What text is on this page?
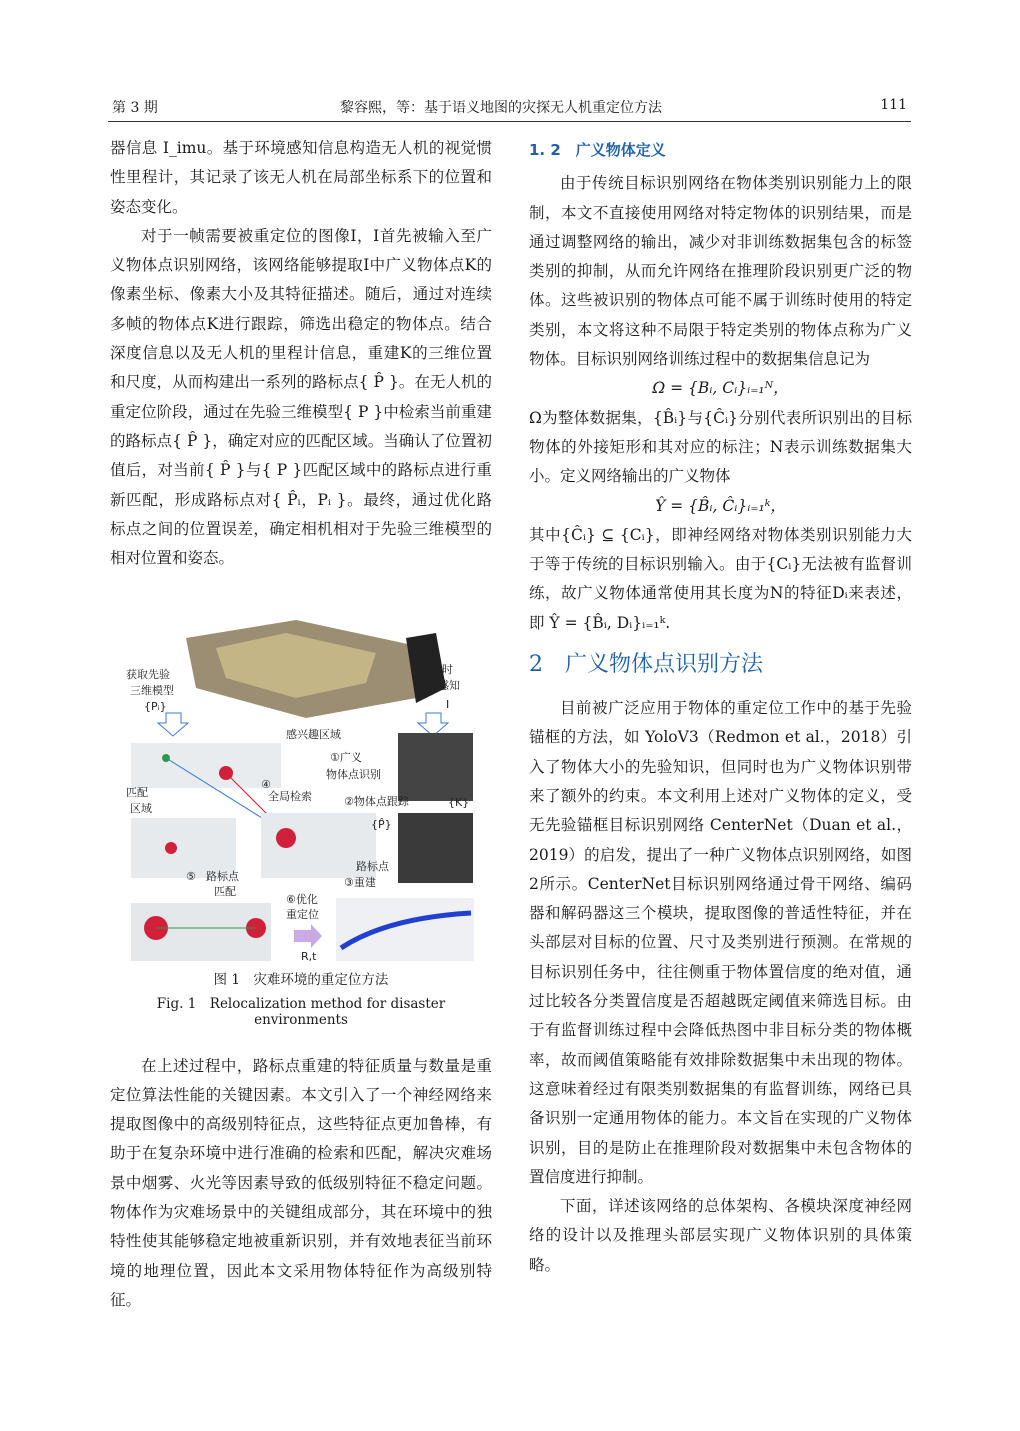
第 3 期	黎容熙，等：基于语义地图的灾探无人机重定位方法	111

器信息 I_imu。基于环境感知信息构造无人机的视觉惯性里程计，其记录了该无人机在局部坐标系下的位置和姿态变化。

对于一帧需要被重定位的图像I，I首先被输入至广义物体点识别网络，该网络能够提取I中广义物体点K的像素坐标、像素大小及其特征描述。随后，通过对连续多帧的物体点K进行跟踪，筛选出稳定的物体点。结合深度信息以及无人机的里程计信息，重建K的三维位置和尺度，从而构建出一系列的路标点{ P̂ }。在无人机的重定位阶段，通过在先验三维模型{ P }中检索当前重建的路标点{ P̂ }，确定对应的匹配区域。当确认了位置初值后，对当前{ P̂ }与{ P }匹配区域中的路标点进行重新匹配，形成路标点对{ P̂ᵢ，Pᵢ }。最终，通过优化路标点之间的位置误差，确定相机相对于先验三维模型的相对位置和姿态。

获取先验
三维模型
{Pᵢ}
实时
环境感知
I
感兴趣区域
①广义
物体点识别
④
全局检索	②物体点跟踪	{K}
匹配
区域
{P̂}
路标点
③重建
⑤ 路标点
匹配
⑥优化
重定位
R,t
图 1　灾难环境的重定位方法
Fig. 1　Relocalization method for disaster environments

在上述过程中，路标点重建的特征质量与数量是重定位算法性能的关键因素。本文引入了一个神经网络来提取图像中的高级别特征点，这些特征点更加鲁棒，有助于在复杂环境中进行准确的检索和匹配，解决灾难场景中烟雾、火光等因素导致的低级别特征不稳定问题。物体作为灾难场景中的关键组成部分，其在环境中的独特性使其能够稳定地被重新识别，并有效地表征当前环境的地理位置，因此本文采用物体特征作为高级别特征。

1. 2　广义物体定义

由于传统目标识别网络在物体类别识别能力上的限制，本文不直接使用网络对特定物体的识别结果，而是通过调整网络的输出，减少对非训练数据集包含的标签类别的抑制，从而允许网络在推理阶段识别更广泛的物体。这些被识别的物体点可能不属于训练时使用的特定类别，本文将这种不局限于特定类别的物体点称为广义物体。目标识别网络训练过程中的数据集信息记为

Ω = {Bᵢ, Cᵢ}ᵢ₌₁ᴺ，

Ω为整体数据集，{B̂ᵢ}与{Ĉᵢ}分别代表所识别出的目标物体的外接矩形和其对应的标注；N表示训练数据集大小。定义网络输出的广义物体

Ŷ = {B̂ᵢ, Ĉᵢ}ᵢ₌₁ᵏ，

其中{Ĉᵢ} ⊆ {Cᵢ}，即神经网络对物体类别识别能力大于等于传统的目标识别输入。由于{Cᵢ}无法被有监督训练，故广义物体通常使用其长度为N的特征Dᵢ来表述，即 Ŷ = {B̂ᵢ, Dᵢ}ᵢ₌₁ᵏ.

2　广义物体点识别方法

目前被广泛应用于物体的重定位工作中的基于先验锚框的方法，如 YoloV3（Redmon et al.，2018）引入了物体大小的先验知识，但同时也为广义物体识别带来了额外的约束。本文利用上述对广义物体的定义，受无先验锚框目标识别网络 CenterNet（Duan et al.，2019）的启发，提出了一种广义物体点识别网络，如图2所示。CenterNet目标识别网络通过骨干网络、编码器和解码器这三个模块，提取图像的普适性特征，并在头部层对目标的位置、尺寸及类别进行预测。在常规的目标识别任务中，往往侧重于物体置信度的绝对值，通过比较各分类置信度是否超越既定阈值来筛选目标。由于有监督训练过程中会降低热图中非目标分类的物体概率，故而阈值策略能有效排除数据集中未出现的物体。这意味着经过有限类别数据集的有监督训练，网络已具备识别一定通用物体的能力。本文旨在实现的广义物体识别，目的是防止在推理阶段对数据集中未包含物体的置信度进行抑制。

下面，详述该网络的总体架构、各模块深度神经网络的设计以及推理头部层实现广义物体识别的具体策略。
